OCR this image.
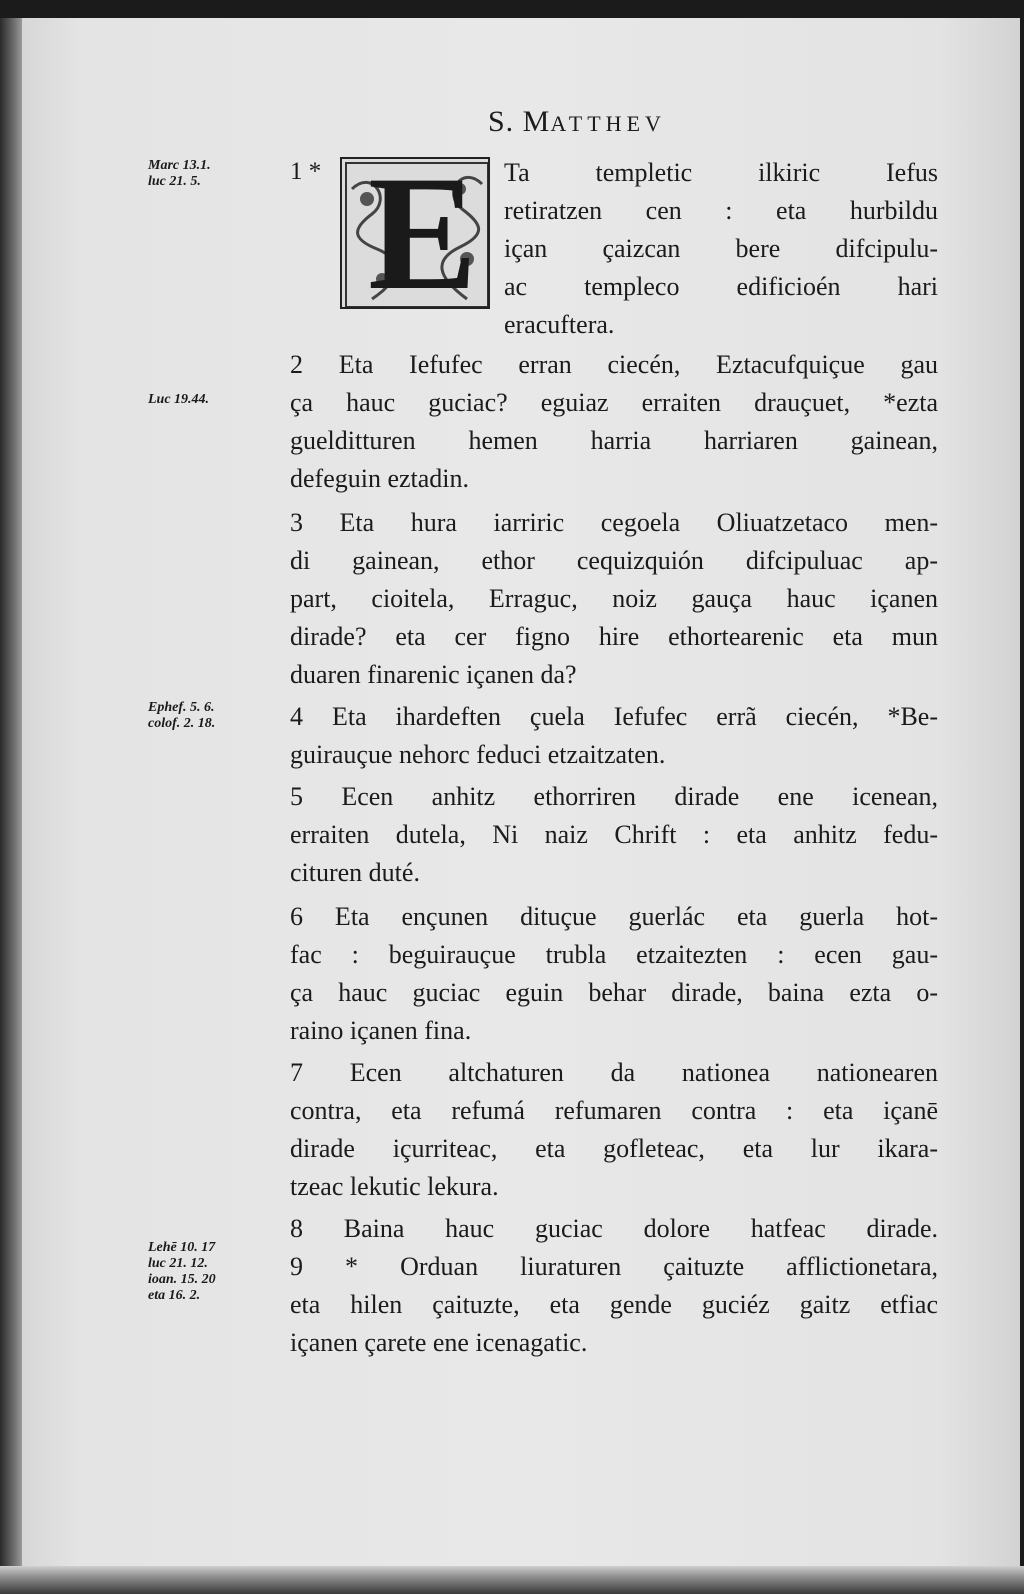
S. MATTHEV
Marc 13.1.
luc 21. 5.
Luc 19.44.
Ephef. 5. 6.
colof. 2. 18.
Lehē 10. 17
luc 21. 12.
ioan. 15. 20
eta 16. 2.
1 * E Ta templetic ilkiric Iefus
retiratzen cen : eta hurbildu
içan çaizcan bere difcipulu-
ac templeco edificioén hari
eracuftera.
2 Eta Iefufec erran ciecén, Eztacufquiçue gau
ça hauc guciac? eguiaz erraiten drauçuet, *ezta
guelditturen hemen harria harriaren gainean,
defeguin eztadin.
3 Eta hura iarriric cegoela Oliuatzetaco men-
di gainean, ethor cequizquión difcipuluac ap-
part, cioitela, Erraguc, noiz gauça hauc içanen
dirade? eta cer figno hire ethortearenic eta mun
duaren finarenic içanen da?
4 Eta ihardeften çuela Iefufec errã ciecén, *Be-
guirauçue nehorc feduci etzaitzaten.
5 Ecen anhitz ethorriren dirade ene icenean,
erraiten dutela, Ni naiz Chrift : eta anhitz fedu-
cituren duté.
6 Eta ençunen dituçue guerlác eta guerla hot-
fac : beguirauçue trubla etzaitezten : ecen gau-
ça hauc guciac eguin behar dirade, baina ezta o-
raino içanen fina.
7 Ecen altchaturen da nationea nationearen
contra, eta refumá refumaren contra : eta içanē
dirade içurriteac, eta gofleteac, eta lur ikara-
tzeac lekutic lekura.
8 Baina hauc guciac dolore hatfeac dirade.
9 * Orduan liuraturen çaituzte afflictionetara,
eta hilen çaituzte, eta gende guciéz gaitz etfiac
içanen çarete ene icenagatic.
